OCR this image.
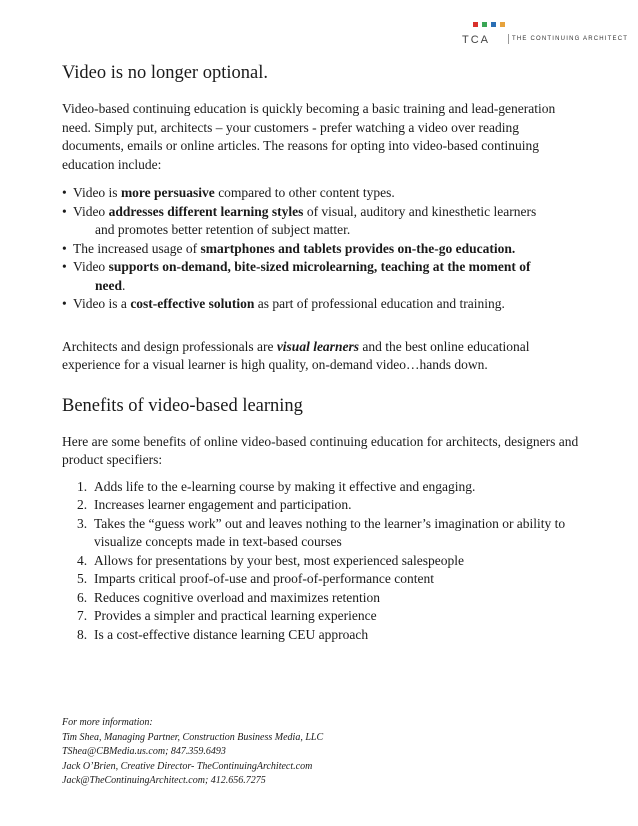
TCA	THE CONTINUING ARCHITECT
Video is no longer optional.

Video-based continuing education is quickly becoming a basic training and lead-generation need. Simply put, architects – your customers - prefer watching a video over reading documents, emails or online articles. The reasons for opting into video-based continuing education include:

• Video is more persuasive compared to other content types.
• Video addresses different learning styles of visual, auditory and kinesthetic learners
and promotes better retention of subject matter.
• The increased usage of smartphones and tablets provides on-the-go education.
• Video supports on-demand, bite-sized microlearning, teaching at the moment of
need.
• Video is a cost-effective solution as part of professional education and training.

Architects and design professionals are visual learners and the best online educational experience for a visual learner is high quality, on-demand video…hands down.

Benefits of video-based learning

Here are some benefits of online video-based continuing education for architects, designers and product specifiers:

1. Adds life to the e-learning course by making it effective and engaging.
2. Increases learner engagement and participation.
3. Takes the “guess work” out and leaves nothing to the learner’s imagination or ability to visualize concepts made in text-based courses
4. Allows for presentations by your best, most experienced salespeople
5. Imparts critical proof-of-use and proof-of-performance content
6. Reduces cognitive overload and maximizes retention
7. Provides a simpler and practical learning experience
8. Is a cost-effective distance learning CEU approach
For more information:
Tim Shea, Managing Partner, Construction Business Media, LLC
TShea@CBMedia.us.com; 847.359.6493
Jack O’Brien, Creative Director- TheContinuingArchitect.com
Jack@TheContinuingArchitect.com; 412.656.7275
